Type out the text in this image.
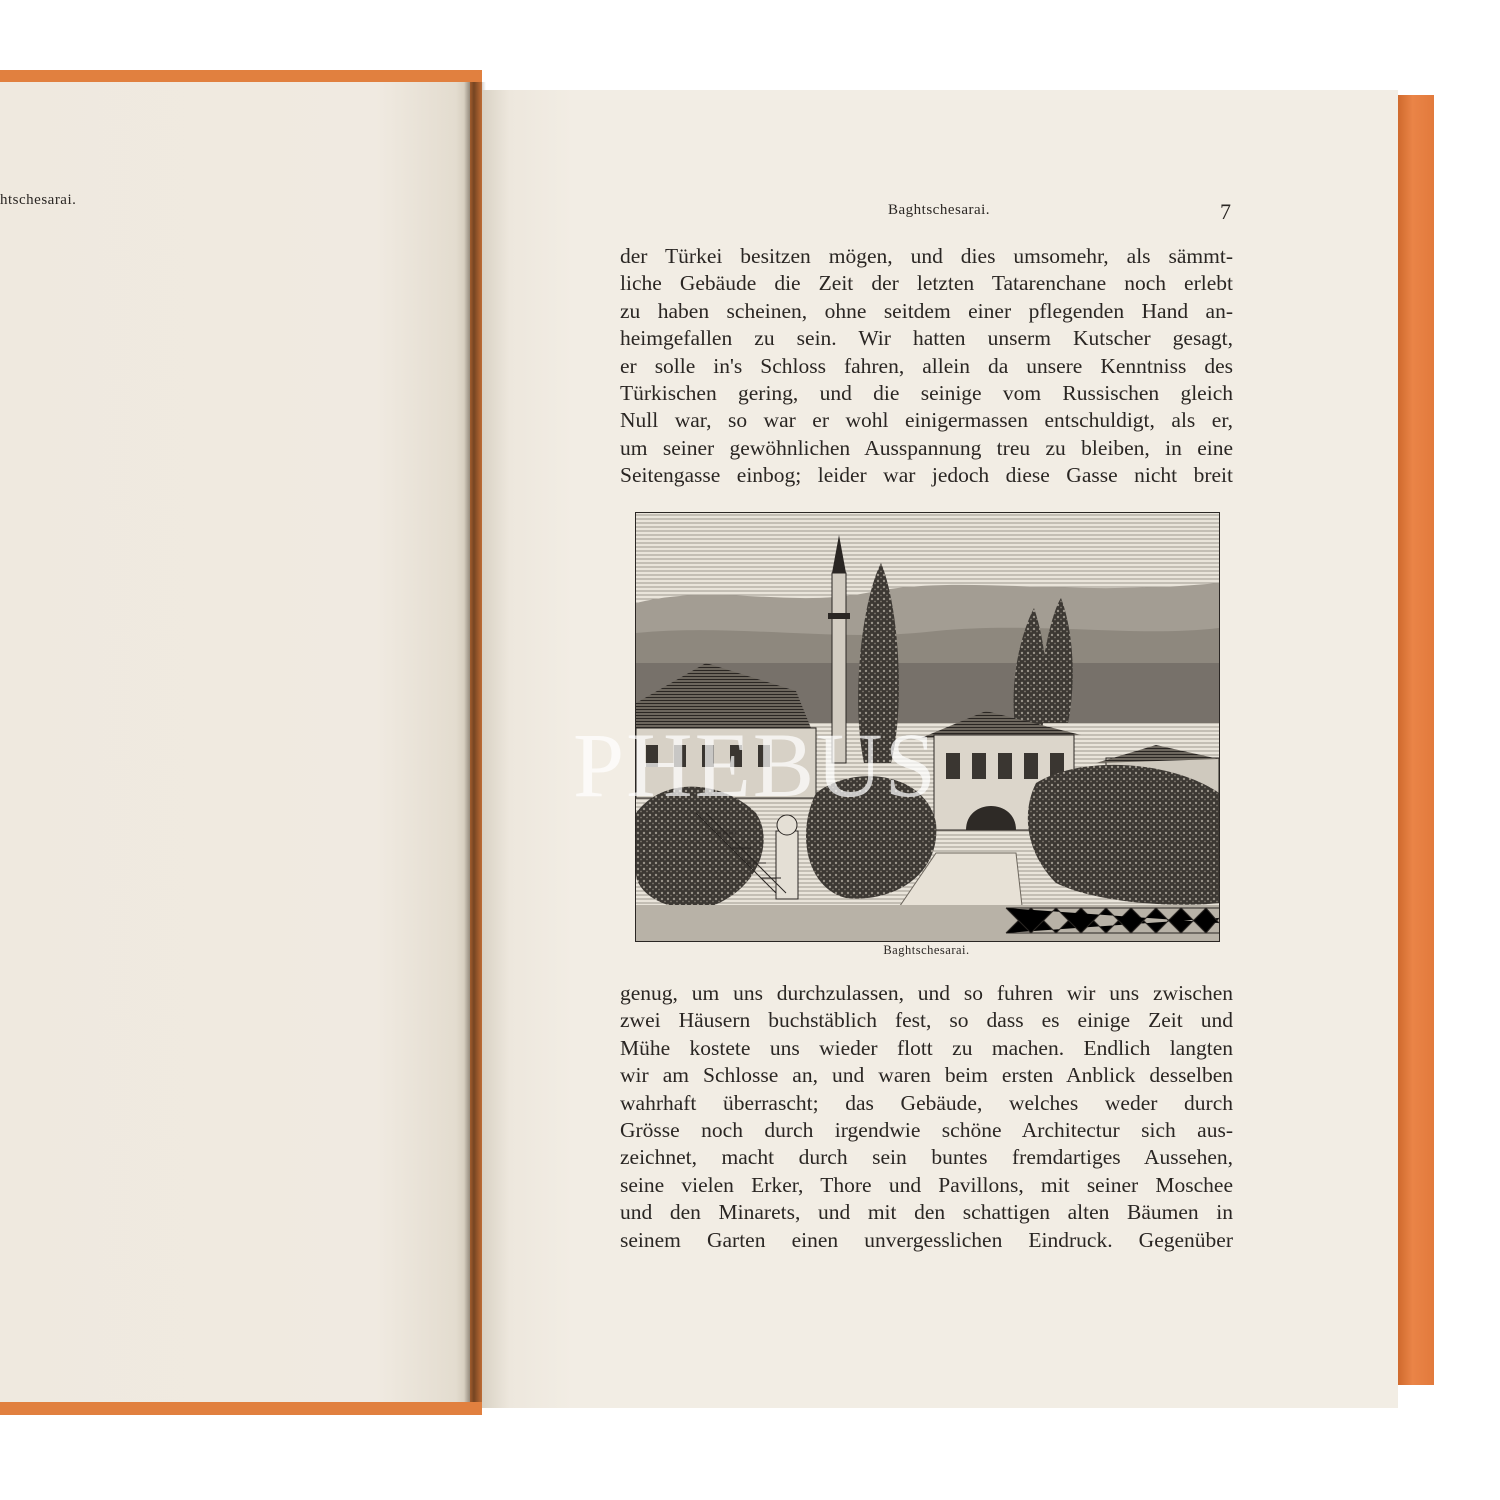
htschesarai.
Baghtschesarai.	7
der Türkei besitzen mögen, und dies umsomehr, als sämmt-
liche Gebäude die Zeit der letzten Tatarenchane noch erlebt
zu haben scheinen, ohne seitdem einer pflegenden Hand an-
heimgefallen zu sein. Wir hatten unserm Kutscher gesagt,
er solle in's Schloss fahren, allein da unsere Kenntniss des
Türkischen gering, und die seinige vom Russischen gleich
Null war, so war er wohl einigermassen entschuldigt, als er,
um seiner gewöhnlichen Ausspannung treu zu bleiben, in eine
Seitengasse einbog; leider war jedoch diese Gasse nicht breit
Baghtschesarai.
PHEBUS
genug, um uns durchzulassen, und so fuhren wir uns zwischen
zwei Häusern buchstäblich fest, so dass es einige Zeit und
Mühe kostete uns wieder flott zu machen. Endlich langten
wir am Schlosse an, und waren beim ersten Anblick desselben
wahrhaft überrascht; das Gebäude, welches weder durch
Grösse noch durch irgendwie schöne Architectur sich aus-
zeichnet, macht durch sein buntes fremdartiges Aussehen,
seine vielen Erker, Thore und Pavillons, mit seiner Moschee
und den Minarets, und mit den schattigen alten Bäumen in
seinem Garten einen unvergesslichen Eindruck. Gegenüber
